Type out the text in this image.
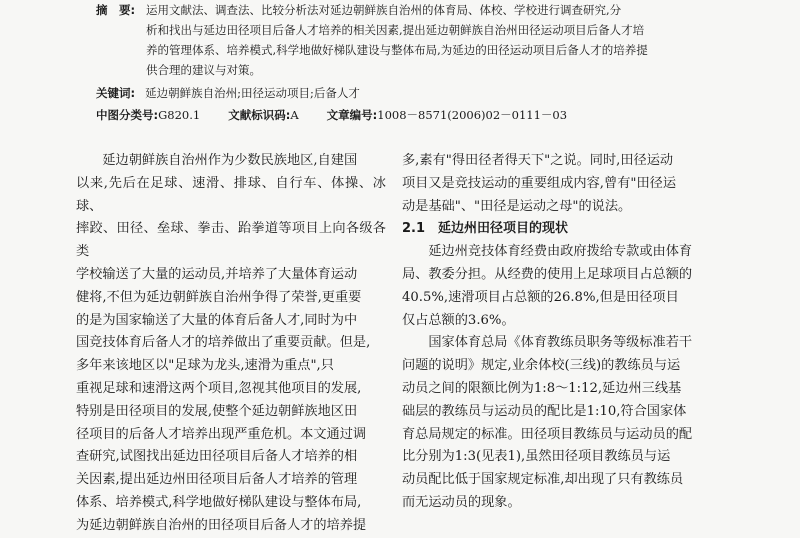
摘　要: 运用文献法、调查法、比较分析法对延边朝鲜族自治州的体育局、体校、学校进行调查研究,分
析和找出与延边田径项目后备人才培养的相关因素,提出延边朝鲜族自治州田径运动项目后备人才培
养的管理体系、培养模式,科学地做好梯队建设与整体布局,为延边的田径运动项目后备人才的培养提
供合理的建议与对策。
关键词: 延边朝鲜族自治州;田径运动项目;后备人才
中图分类号:G820.1 文献标识码:A 文章编号:1008－8571(2006)02－0111－03

　　延边朝鲜族自治州作为少数民族地区,自建国
以来,先后在足球、速滑、排球、自行车、体操、冰球、
摔跤、田径、垒球、拳击、跆拳道等项目上向各级各类
学校输送了大量的运动员,并培养了大量体育运动
健将,不但为延边朝鲜族自治州争得了荣誉,更重要
的是为国家输送了大量的体育后备人才,同时为中
国竞技体育后备人才的培养做出了重要贡献。但是,
多年来该地区以"足球为龙头,速滑为重点",只
重视足球和速滑这两个项目,忽视其他项目的发展,
特别是田径项目的发展,使整个延边朝鲜族地区田
径项目的后备人才培养出现严重危机。本文通过调
查研究,试图找出延边田径项目后备人才培养的相
关因素,提出延边州田径项目后备人才培养的管理
体系、培养模式,科学地做好梯队建设与整体布局,
为延边朝鲜族自治州的田径项目后备人才的培养提

多,素有"得田径者得天下"之说。同时,田径运动
项目又是竞技运动的重要组成内容,曾有"田径运
动是基础"、"田径是运动之母"的说法。

2.1　延边州田径项目的现状

　　延边州竞技体育经费由政府拨给专款或由体育
局、教委分担。从经费的使用上足球项目占总额的
40.5%,速滑项目占总额的26.8%,但是田径项目
仅占总额的3.6%。

　　国家体育总局《体育教练员职务等级标准若干
问题的说明》规定,业余体校(三线)的教练员与运
动员之间的限额比例为1:8～1:12,延边州三线基
础层的教练员与运动员的配比是1:10,符合国家体
育总局规定的标准。田径项目教练员与运动员的配
比分别为1:3(见表1),虽然田径项目教练员与运
动员配比低于国家规定标准,却出现了只有教练员
而无运动员的现象。
